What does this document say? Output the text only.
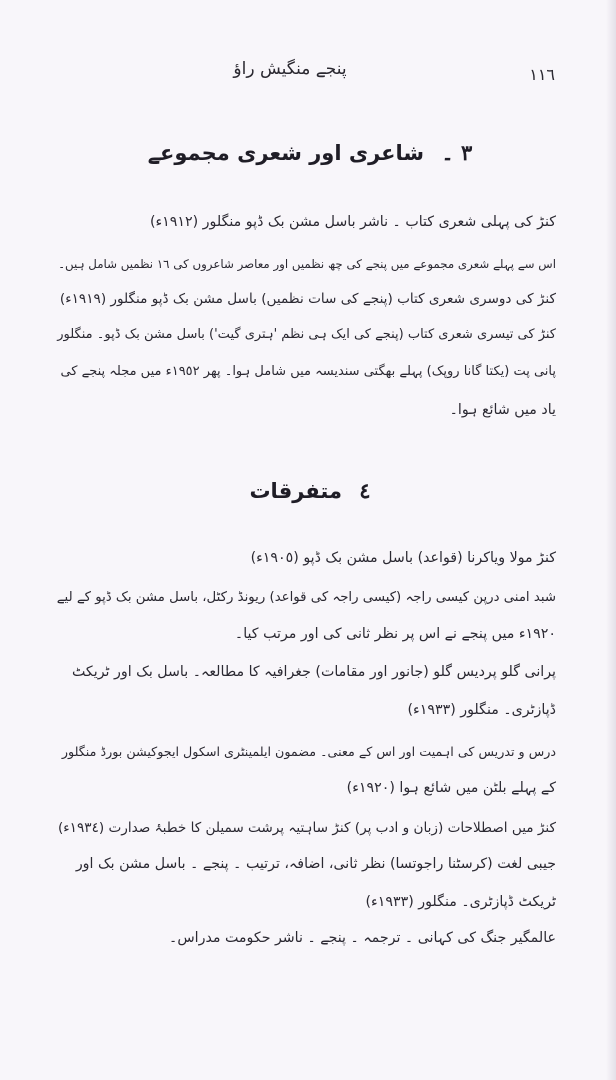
١١٦
پنجے منگیش راؤ
٣ ۔ شاعری اور شعری مجموعے
کنڑ کی پہلی شعری کتاب ۔ ناشر باسل مشن بک ڈپو منگلور (١٩١٢ء)
اس سے پہلے شعری مجموعے میں پنجے کی چھ نظمیں اور معاصر شاعروں کی ١٦ نظمیں شامل ہیں۔
کنڑ کی دوسری شعری کتاب (پنجے کی سات نظمیں) باسل مشن بک ڈپو منگلور (١٩١٩ء)
کنڑ کی تیسری شعری کتاب (پنجے کی ایک ہی نظم 'ہتری گیت') باسل مشن بک ڈپو۔ منگلور
پانی پت (یکتا گانا روپک) پہلے بھگتی سندیسہ میں شامل ہوا۔ پھر ١٩٥٢ء میں مجلہ پنجے کی
یاد میں شائع ہوا۔
٤ متفرقات
کنڑ مولا ویاکرنا (قواعد) باسل مشن بک ڈپو (١٩٠٥ء)
شبد امنی درپن کیسی راجہ (کیسی راجہ کی قواعد) ریونڈ رکٹل، باسل مشن بک ڈپو کے لیے
١٩٢٠ء میں پنجے نے اس پر نظر ثانی کی اور مرتب کیا۔
پرانی گلو پردیس گلو (جانور اور مقامات) جغرافیہ کا مطالعہ۔ باسل بک اور ٹریکٹ
ڈپازٹری۔ منگلور (١٩٣٣ء)
درس و تدریس کی اہمیت اور اس کے معنی۔ مضمون ایلمینٹری اسکول ایجوکیشن بورڈ منگلور
کے پہلے بلٹن میں شائع ہوا (١٩٢٠ء)
کنڑ میں اصطلاحات (زبان و ادب پر) کنڑ ساہتیہ پرشت سمیلن کا خطبۂ صدارت (١٩٣٤ء)
جیبی لغت (کرسٹنا راجوتسا) نظر ثانی، اضافہ، ترتیب ۔ پنجے ۔ باسل مشن بک اور
ٹریکٹ ڈپازٹری۔ منگلور (١٩٣٣ء)
عالمگیر جنگ کی کہانی ۔ ترجمہ ۔ پنجے ۔ ناشر حکومت مدراس۔
